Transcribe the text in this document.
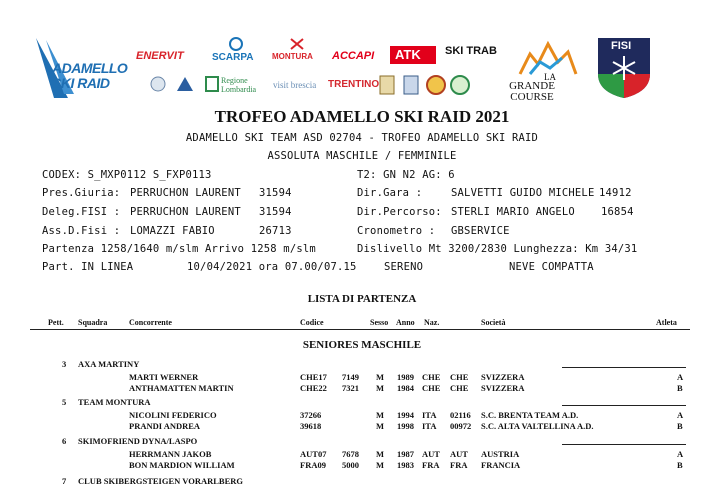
ADAMELLO
SKI RAID
ENERVIT	SCARPA MONTURA ACCAPI ATK SKI TRAB
Regione Lombardia	visit brescia TRENTINO
LA
GRANDE
COURSE
FISI
TROFEO ADAMELLO SKI RAID 2021
ADAMELLO SKI TEAM ASD 02704 - TROFEO ADAMELLO SKI RAID
ASSOLUTA MASCHILE / FEMMINILE
CODEX: S_MXP0112 S_FXP0113	T2: GN N2 AG: 6
Pres.Giuria: PERRUCHON LAURENT 31594	Dir.Gara :	SALVETTI GUIDO MICHELE 14912
Deleg.FISI : PERRUCHON LAURENT 31594	Dir.Percorso: STERLI MARIO ANGELO 16854
Ass.D.Fisi : LOMAZZI FABIO	26713	Cronometro : GBSERVICE
Partenza 1258/1640 m/slm Arrivo 1258 m/slm	Dislivello Mt 3200/2830 Lunghezza: Km 34/31
Part. IN LINEA	10/04/2021 ora 07.00/07.15	SERENO	NEVE COMPATTA
LISTA DI PARTENZA
Pett. Squadra	Concorrente	Codice	Sesso Anno Naz.	Società	Atleta
SENIORES MASCHILE
3 AXA MARTINY
MARTI WERNER	CHE17 7149 M 1989 CHE CHE SVIZZERA	A
ANTHAMATTEN MARTIN	CHE22 7321 M 1984 CHE CHE SVIZZERA	B
5 TEAM MONTURA
NICOLINI FEDERICO	37266	M 1994 ITA 02116 S.C. BRENTA TEAM A.D.	A
PRANDI ANDREA	39618	M 1998 ITA 00972 S.C. ALTA VALTELLINA A.D.	B
6 SKIMOFRIEND DYNA/LASPO
HERRMANN JAKOB	AUT07 7678 M 1987 AUT AUT AUSTRIA	A
BON MARDION WILLIAM	FRA09 5000 M 1983 FRA FRA FRANCIA	B
7 CLUB SKIBERGSTEIGEN VORARLBERG
